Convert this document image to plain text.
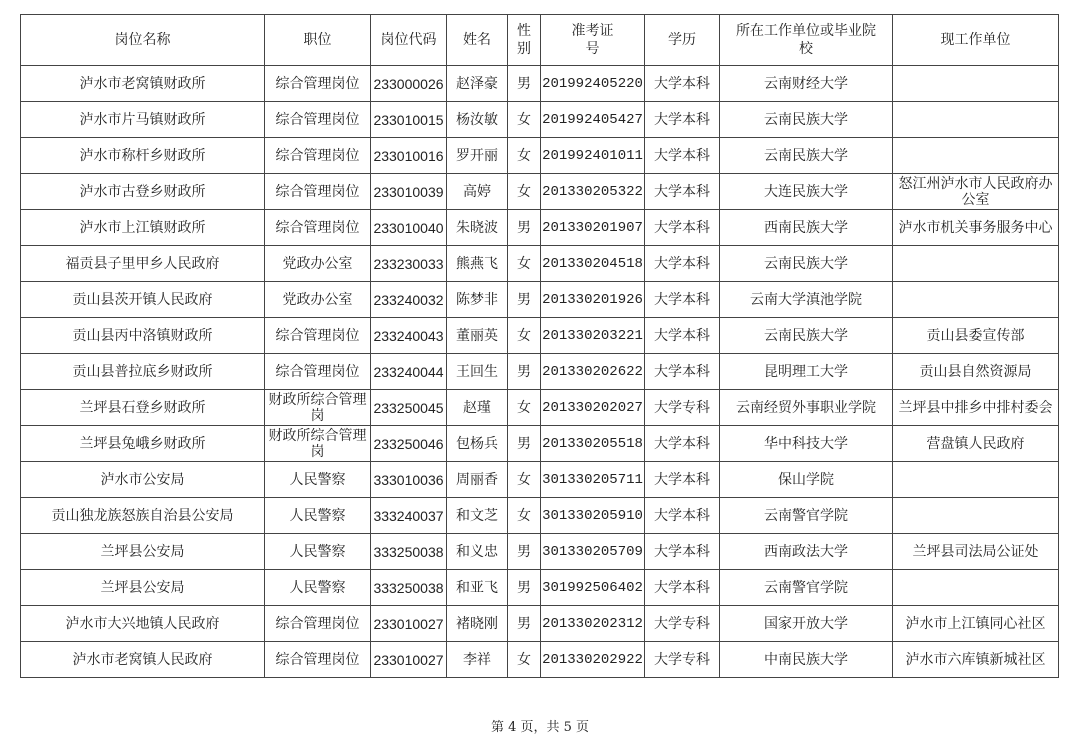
岗位名称	职位	岗位代码	姓名	性别	准考证号	学历	所在工作单位或毕业院校	现工作单位
泸水市老窝镇财政所	综合管理岗位	233000026	赵泽豪	男	201992405220	大学本科	云南财经大学	
泸水市片马镇财政所	综合管理岗位	233010015	杨汝敏	女	201992405427	大学本科	云南民族大学	
泸水市称杆乡财政所	综合管理岗位	233010016	罗开丽	女	201992401011	大学本科	云南民族大学	
泸水市古登乡财政所	综合管理岗位	233010039	高婷	女	201330205322	大学本科	大连民族大学	怒江州泸水市人民政府办公室
泸水市上江镇财政所	综合管理岗位	233010040	朱晓波	男	201330201907	大学本科	西南民族大学	泸水市机关事务服务中心
福贡县子里甲乡人民政府	党政办公室	233230033	熊燕飞	女	201330204518	大学本科	云南民族大学	
贡山县茨开镇人民政府	党政办公室	233240032	陈梦非	男	201330201926	大学本科	云南大学滇池学院	
贡山县丙中洛镇财政所	综合管理岗位	233240043	董丽英	女	201330203221	大学本科	云南民族大学	贡山县委宣传部
贡山县普拉底乡财政所	综合管理岗位	233240044	王回生	男	201330202622	大学本科	昆明理工大学	贡山县自然资源局
兰坪县石登乡财政所	财政所综合管理岗	233250045	赵瑾	女	201330202027	大学专科	云南经贸外事职业学院	兰坪县中排乡中排村委会
兰坪县兔峨乡财政所	财政所综合管理岗	233250046	包杨兵	男	201330205518	大学本科	华中科技大学	营盘镇人民政府
泸水市公安局	人民警察	333010036	周丽香	女	301330205711	大学本科	保山学院	
贡山独龙族怒族自治县公安局	人民警察	333240037	和文芝	女	301330205910	大学本科	云南警官学院	
兰坪县公安局	人民警察	333250038	和义忠	男	301330205709	大学本科	西南政法大学	兰坪县司法局公证处
兰坪县公安局	人民警察	333250038	和亚飞	男	301992506402	大学本科	云南警官学院	
泸水市大兴地镇人民政府	综合管理岗位	233010027	褚晓刚	男	201330202312	大学专科	国家开放大学	泸水市上江镇同心社区
泸水市老窝镇人民政府	综合管理岗位	233010027	李祥	女	201330202922	大学专科	中南民族大学	泸水市六库镇新城社区
第 4 页，共 5 页
